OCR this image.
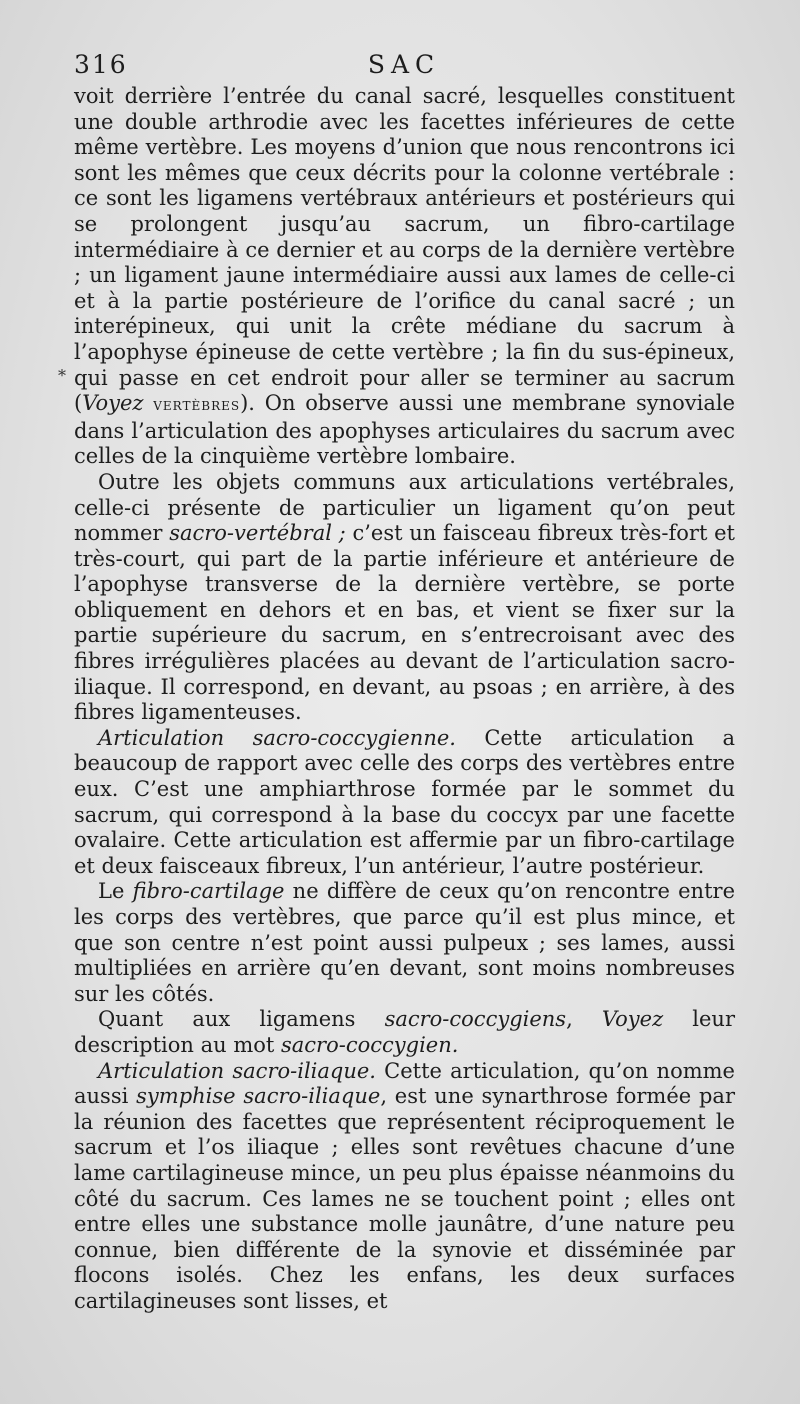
316	SAC
*

voit derrière l’entrée du canal sacré, lesquelles constituent une double arthrodie avec les facettes inférieures de cette même vertèbre. Les moyens d’union que nous rencontrons ici sont les mêmes que ceux décrits pour la colonne vertébrale : ce sont les ligamens vertébraux antérieurs et postérieurs qui se prolongent jusqu’au sacrum, un fibro-cartilage intermédiaire à ce dernier et au corps de la dernière vertèbre ; un ligament jaune intermédiaire aussi aux lames de celle-ci et à la partie postérieure de l’orifice du canal sacré ; un interépineux, qui unit la crête médiane du sacrum à l’apophyse épineuse de cette vertèbre ; la fin du sus-épineux, qui passe en cet endroit pour aller se terminer au sacrum (Voyez vertèbres). On observe aussi une membrane synoviale dans l’articulation des apophyses articulaires du sacrum avec celles de la cinquième vertèbre lombaire.

Outre les objets communs aux articulations vertébrales, celle-ci présente de particulier un ligament qu’on peut nommer sacro-vertébral ; c’est un faisceau fibreux très-fort et très-court, qui part de la partie inférieure et antérieure de l’apophyse transverse de la dernière vertèbre, se porte obliquement en dehors et en bas, et vient se fixer sur la partie supérieure du sacrum, en s’entrecroisant avec des fibres irrégulières placées au devant de l’articulation sacro-iliaque. Il correspond, en devant, au psoas ; en arrière, à des fibres ligamenteuses.

Articulation sacro-coccygienne. Cette articulation a beaucoup de rapport avec celle des corps des vertèbres entre eux. C’est une amphiarthrose formée par le sommet du sacrum, qui correspond à la base du coccyx par une facette ovalaire. Cette articulation est affermie par un fibro-cartilage et deux faisceaux fibreux, l’un antérieur, l’autre postérieur.

Le fibro-cartilage ne diffère de ceux qu’on rencontre entre les corps des vertèbres, que parce qu’il est plus mince, et que son centre n’est point aussi pulpeux ; ses lames, aussi multipliées en arrière qu’en devant, sont moins nombreuses sur les côtés.

Quant aux ligamens sacro-coccygiens, Voyez leur description au mot sacro-coccygien.

Articulation sacro-iliaque. Cette articulation, qu’on nomme aussi symphise sacro-iliaque, est une synarthrose formée par la réunion des facettes que représentent réciproquement le sacrum et l’os iliaque ; elles sont revêtues chacune d’une lame cartilagineuse mince, un peu plus épaisse néanmoins du côté du sacrum. Ces lames ne se touchent point ; elles ont entre elles une substance molle jaunâtre, d’une nature peu connue, bien différente de la synovie et disséminée par flocons isolés. Chez les enfans, les deux surfaces cartilagineuses sont lisses, et
